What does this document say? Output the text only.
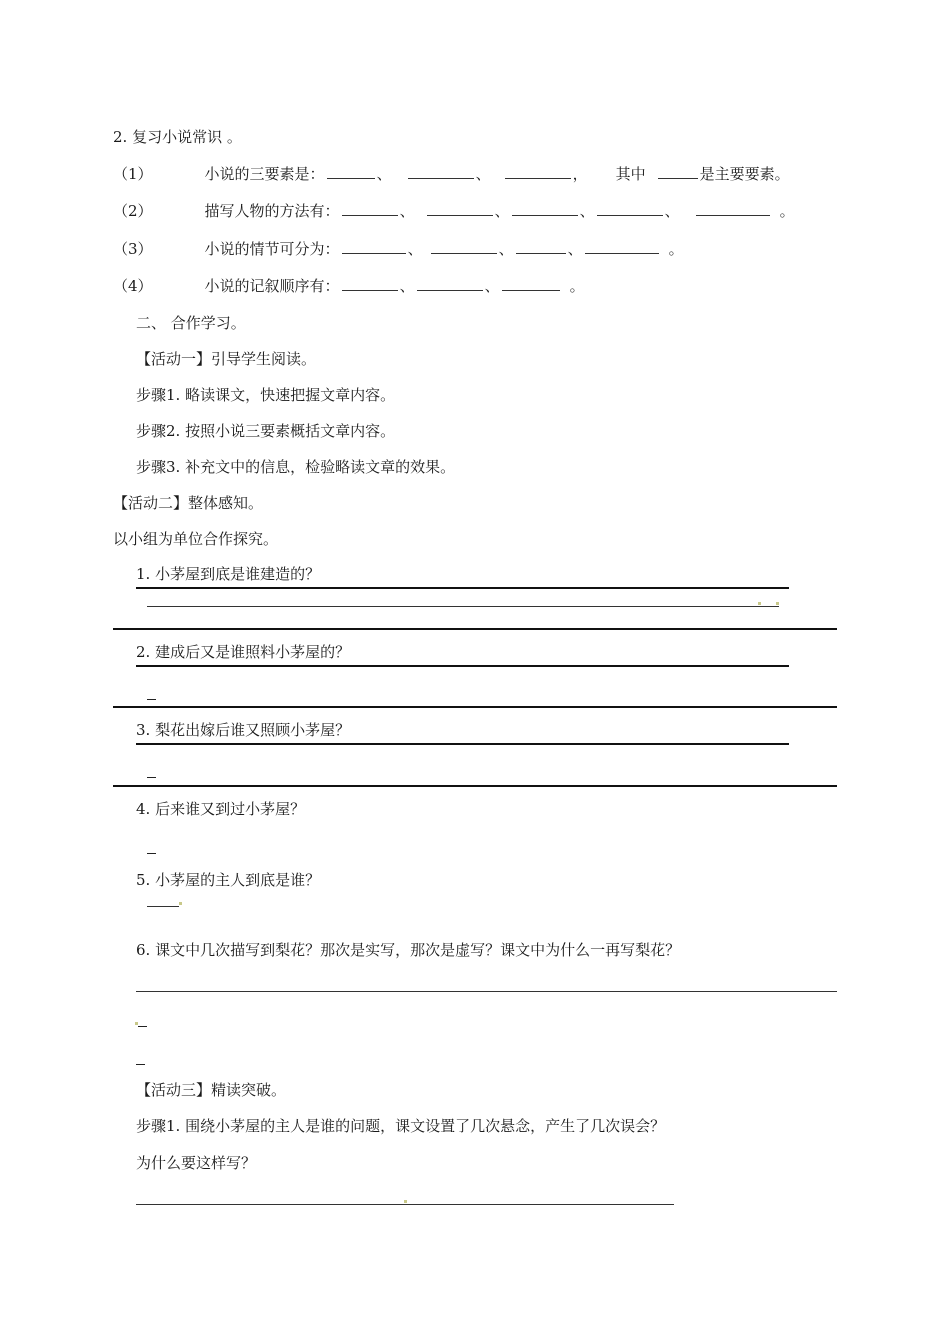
2. 复习小说常识 。
（1）	小说的三要素是：	、	、	， 其中	是主要要素。
（2）	描写人物的方法有：	、	、	、	、	。
（3）	小说的情节可分为：	、	、	、	。
（4）	小说的记叙顺序有：	、	、	。
二、 合作学习。
【活动一】引导学生阅读。
步骤1. 略读课文，快速把握文章内容。
步骤2. 按照小说三要素概括文章内容。
步骤3. 补充文中的信息，检验略读文章的效果。
【活动二】整体感知。
以小组为单位合作探究。
1. 小茅屋到底是谁建造的？
2. 建成后又是谁照料小茅屋的？
3. 梨花出嫁后谁又照顾小茅屋？
4. 后来谁又到过小茅屋？
5. 小茅屋的主人到底是谁？
6. 课文中几次描写到梨花？那次是实写，那次是虚写？课文中为什么一再写梨花？
【活动三】精读突破。
步骤1. 围绕小茅屋的主人是谁的问题，课文设置了几次悬念，产生了几次误会？
为什么要这样写？
